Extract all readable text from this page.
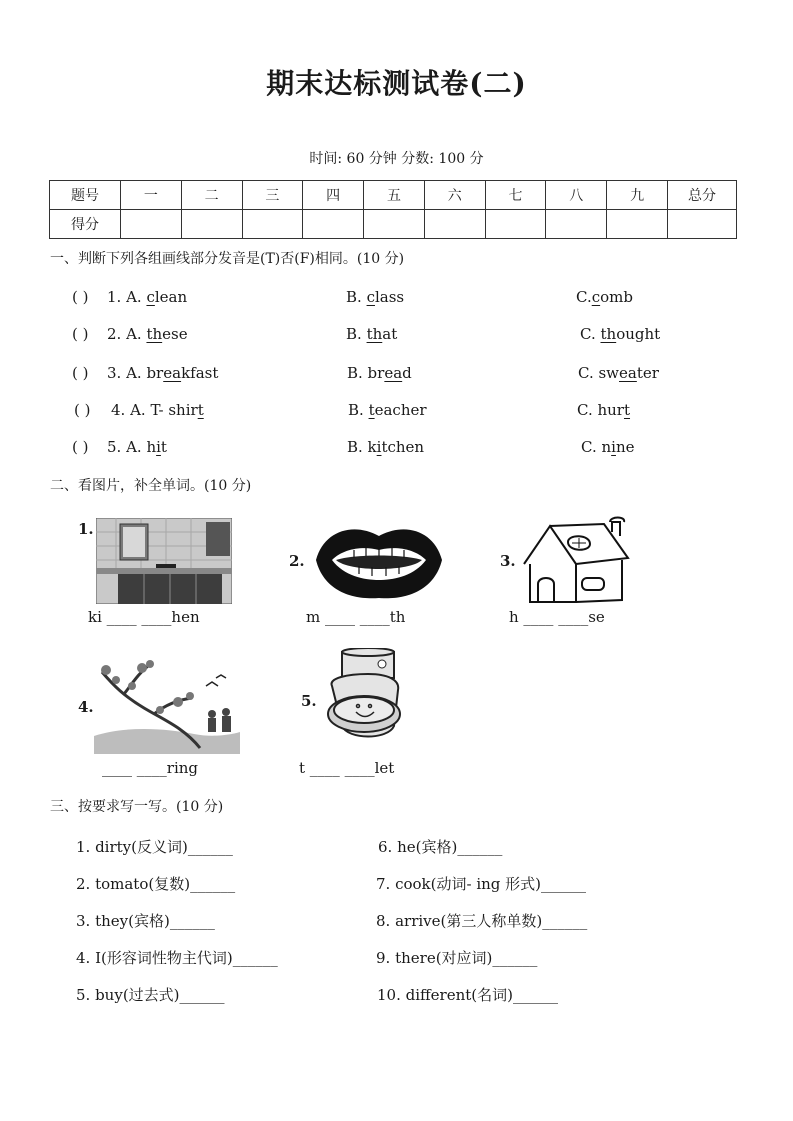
期末达标测试卷(二)
时间: 60 分钟 分数: 100 分
题号	一	二	三	四	五	六	七	八	九	总分
得分										
一、判断下列各组画线部分发音是(T)否(F)相同。(10 分)
( ) 1. A. clean	B. class	C.comb
( ) 2. A. these	B. that	C. thought
( ) 3. A. breakfast	B. bread	C. sweater
( ) 4. A. T- shirt	B. teacher	C. hurt
( ) 5. A. hit	B. kitchen	C. nine
二、看图片，补全单词。(10 分)
1.
ki ____ ____hen
2.
m ____ ____th
3.
h ____ ____se
4.
____ ____ring
5.
t ____ ____let
三、按要求写一写。(10 分)
1. dirty(反义词)______
2. tomato(复数)______
3. they(宾格)______
4. I(形容词性物主代词)______
5. buy(过去式)______
6. he(宾格)______
7. cook(动词- ing 形式)______
8. arrive(第三人称单数)______
9. there(对应词)______
10. different(名词)______
